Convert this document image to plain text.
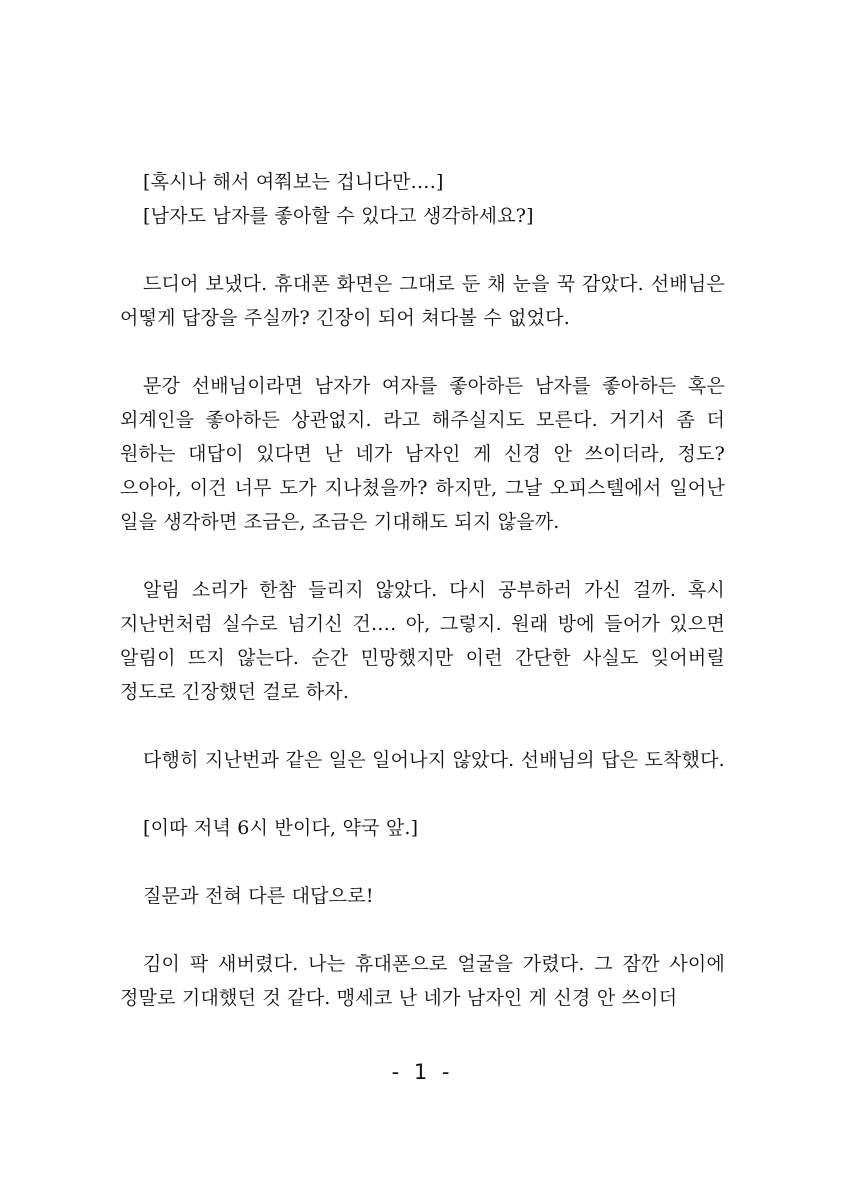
[혹시나 해서 여쭤보는 겁니다만….]

[남자도 남자를 좋아할 수 있다고 생각하세요?]

드디어 보냈다. 휴대폰 화면은 그대로 둔 채 눈을 꾹 감았다. 선배님은 어떻게 답장을 주실까? 긴장이 되어 쳐다볼 수 없었다.

문강 선배님이라면 남자가 여자를 좋아하든 남자를 좋아하든 혹은 외계인을 좋아하든 상관없지. 라고 해주실지도 모른다. 거기서 좀 더 원하는 대답이 있다면 난 네가 남자인 게 신경 안 쓰이더라, 정도? 으아아, 이건 너무 도가 지나쳤을까? 하지만, 그날 오피스텔에서 일어난 일을 생각하면 조금은, 조금은 기대해도 되지 않을까.

알림 소리가 한참 들리지 않았다. 다시 공부하러 가신 걸까. 혹시 지난번처럼 실수로 넘기신 건…. 아, 그렇지. 원래 방에 들어가 있으면 알림이 뜨지 않는다. 순간 민망했지만 이런 간단한 사실도 잊어버릴 정도로 긴장했던 걸로 하자.

다행히 지난번과 같은 일은 일어나지 않았다. 선배님의 답은 도착했다.

[이따 저녁 6시 반이다, 약국 앞.]

질문과 전혀 다른 대답으로!

김이 팍 새버렸다. 나는 휴대폰으로 얼굴을 가렸다. 그 잠깐 사이에 정말로 기대했던 것 같다. 맹세코 난 네가 남자인 게 신경 안 쓰이더

- 1 -
